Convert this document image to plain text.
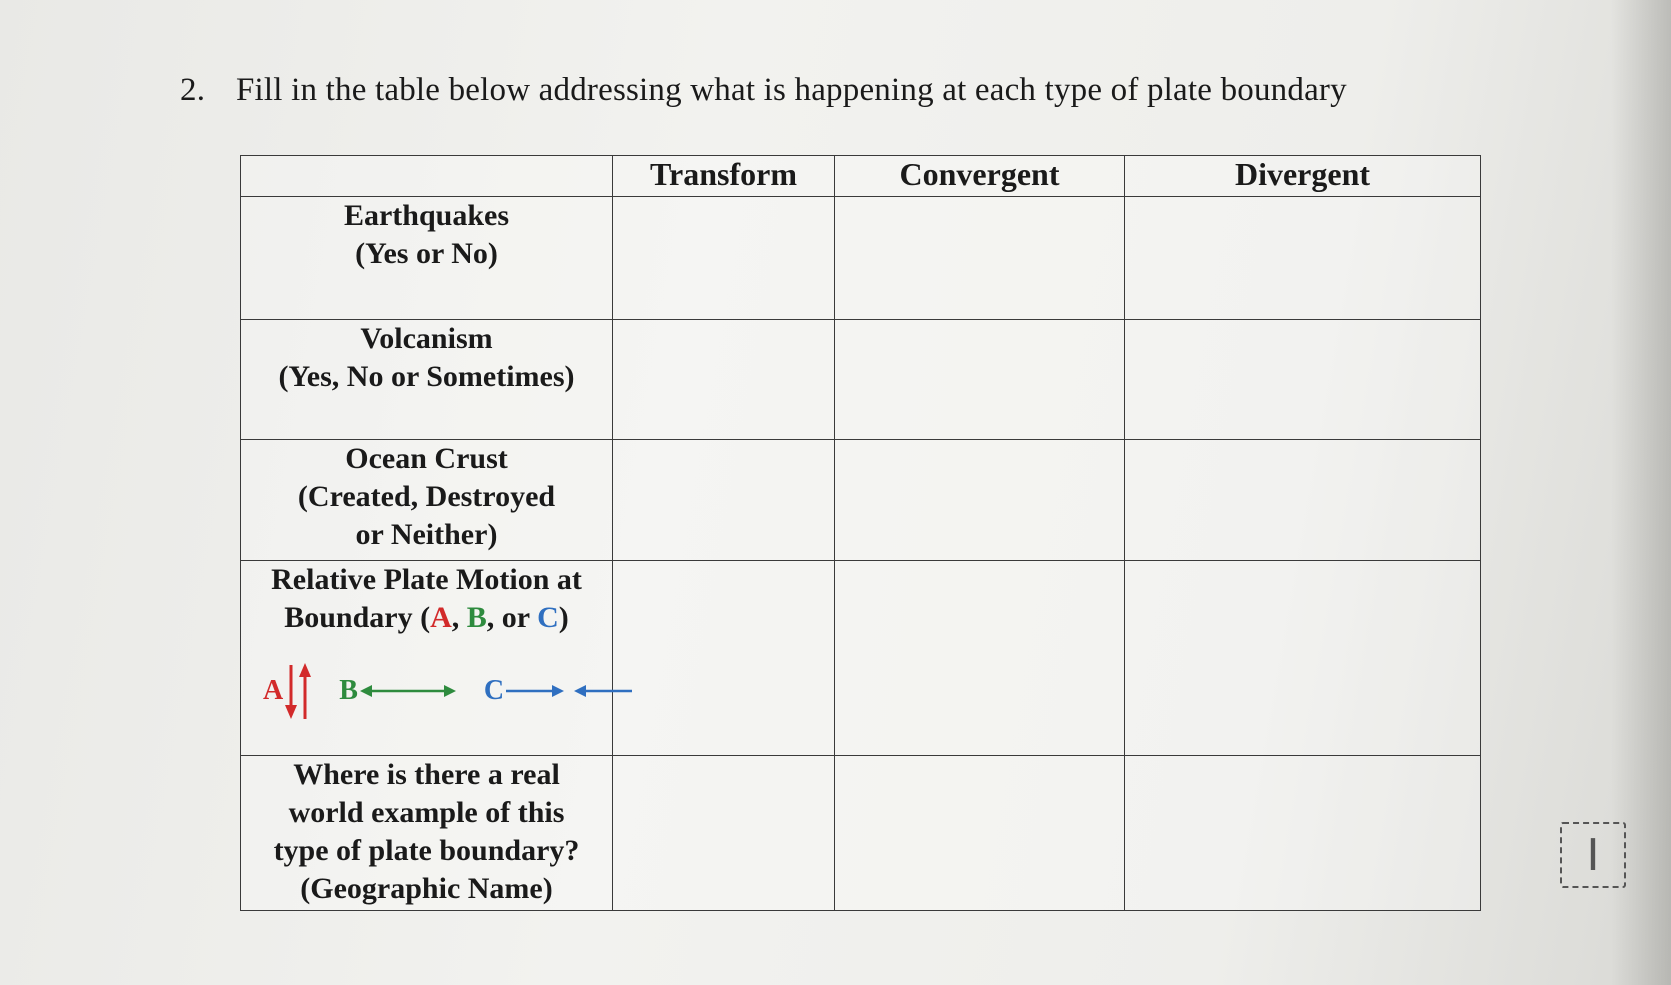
2. Fill in the table below addressing what is happening at each type of plate boundary
	Transform	Convergent	Divergent

Earthquakes
(Yes or No)			

Volcanism
(Yes, No or Sometimes)			

Ocean Crust
(Created, Destroyed
or Neither)			

Relative Plate Motion at
Boundary (A, B, or C)
A B C			

Where is there a real
world example of this
type of plate boundary?
(Geographic Name)			

I
